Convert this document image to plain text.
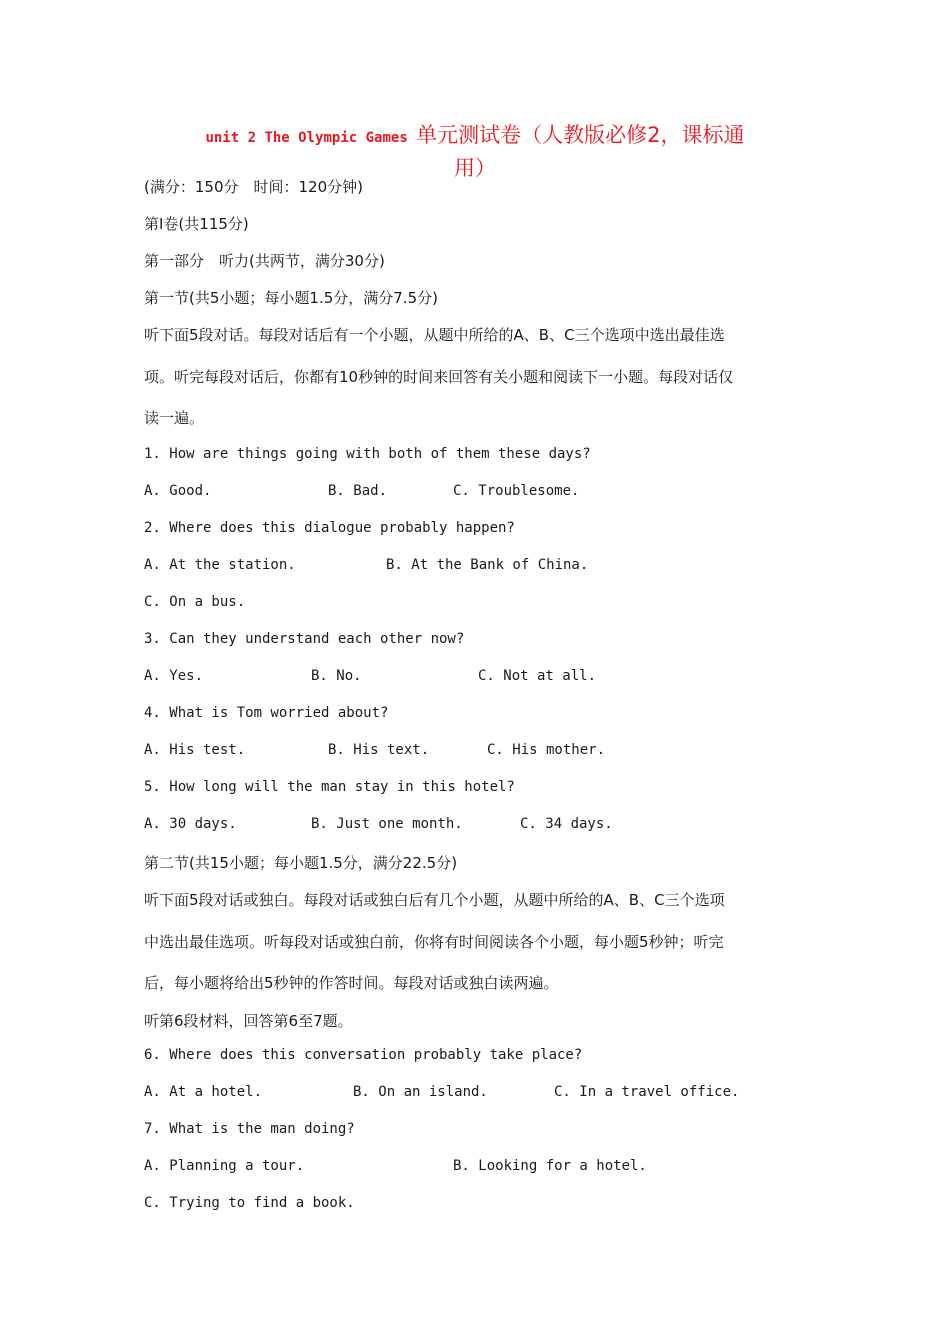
unit 2 The Olympic Games 单元测试卷（人教版必修2，课标通
用）
(满分：150分　时间：120分钟)
第Ⅰ卷(共115分)
第一部分　听力(共两节，满分30分)
第一节(共5小题；每小题1.5分，满分7.5分)
听下面5段对话。每段对话后有一个小题，从题中所给的A、B、C三个选项中选出最佳选
项。听完每段对话后，你都有10秒钟的时间来回答有关小题和阅读下一小题。每段对话仅
读一遍。
1. How are things going with both of them these days?
A. Good.	B. Bad.	C. Troublesome.
2. Where does this dialogue probably happen?
A. At the station.	B. At the Bank of China.
C. On a bus.
3. Can they understand each other now?
A. Yes.	B. No.	C. Not at all.
4. What is Tom worried about?
A. His test.	B. His text.	C. His mother.
5. How long will the man stay in this hotel?
A. 30 days.	B. Just one month.	C. 34 days.
第二节(共15小题；每小题1.5分，满分22.5分)
听下面5段对话或独白。每段对话或独白后有几个小题，从题中所给的A、B、C三个选项
中选出最佳选项。听每段对话或独白前，你将有时间阅读各个小题，每小题5秒钟；听完
后，每小题将给出5秒钟的作答时间。每段对话或独白读两遍。
听第6段材料，回答第6至7题。
6. Where does this conversation probably take place?
A. At a hotel.	B. On an island.	C. In a travel office.
7. What is the man doing?
A. Planning a tour.	B. Looking for a hotel.
C. Trying to find a book.
